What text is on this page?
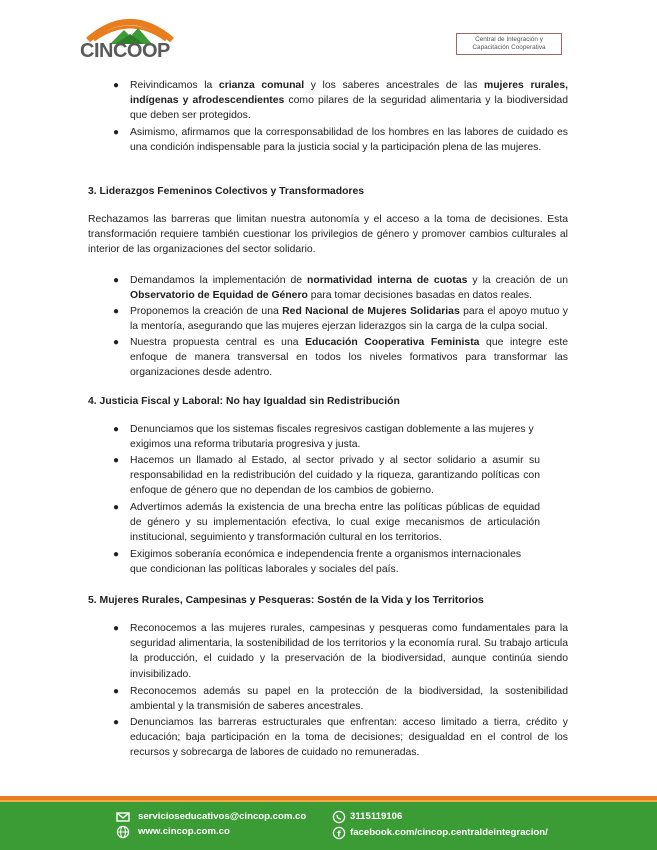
CINCOOP
Central de Integración y
Capacitación Cooperativa
● Reivindicamos la crianza comunal y los saberes ancestrales de las mujeres rurales, indígenas y afrodescendientes como pilares de la seguridad alimentaria y la biodiversidad que deben ser protegidos.
● Asimismo, afirmamos que la corresponsabilidad de los hombres en las labores de cuidado es una condición indispensable para la justicia social y la participación plena de las mujeres.
3. Liderazgos Femeninos Colectivos y Transformadores
Rechazamos las barreras que limitan nuestra autonomía y el acceso a la toma de decisiones. Esta transformación requiere también cuestionar los privilegios de género y promover cambios culturales al interior de las organizaciones del sector solidario.
● Demandamos la implementación de normatividad interna de cuotas y la creación de un Observatorio de Equidad de Género para tomar decisiones basadas en datos reales.
● Proponemos la creación de una Red Nacional de Mujeres Solidarias para el apoyo mutuo y la mentoría, asegurando que las mujeres ejerzan liderazgos sin la carga de la culpa social.
● Nuestra propuesta central es una Educación Cooperativa Feminista que integre este enfoque de manera transversal en todos los niveles formativos para transformar las organizaciones desde adentro.
4. Justicia Fiscal y Laboral: No hay Igualdad sin Redistribución
● Denunciamos que los sistemas fiscales regresivos castigan doblemente a las mujeres y exigimos una reforma tributaria progresiva y justa.
● Hacemos un llamado al Estado, al sector privado y al sector solidario a asumir su responsabilidad en la redistribución del cuidado y la riqueza, garantizando políticas con enfoque de género que no dependan de los cambios de gobierno.
● Advertimos además la existencia de una brecha entre las políticas públicas de equidad de género y su implementación efectiva, lo cual exige mecanismos de articulación institucional, seguimiento y transformación cultural en los territorios.
● Exigimos soberanía económica e independencia frente a organismos internacionales que condicionan las políticas laborales y sociales del país.
5. Mujeres Rurales, Campesinas y Pesqueras: Sostén de la Vida y los Territorios
● Reconocemos a las mujeres rurales, campesinas y pesqueras como fundamentales para la seguridad alimentaria, la sostenibilidad de los territorios y la economía rural. Su trabajo articula la producción, el cuidado y la preservación de la biodiversidad, aunque continúa siendo invisibilizado.
● Reconocemos además su papel en la protección de la biodiversidad, la sostenibilidad ambiental y la transmisión de saberes ancestrales.
● Denunciamos las barreras estructurales que enfrentan: acceso limitado a tierra, crédito y educación; baja participación en la toma de decisiones; desigualdad en el control de los recursos y sobrecarga de labores de cuidado no remuneradas.
servicioseducativos@cincop.com.co
www.cincop.com.co
3115119106
f facebook.com/cincop.centraldeintegracion/
